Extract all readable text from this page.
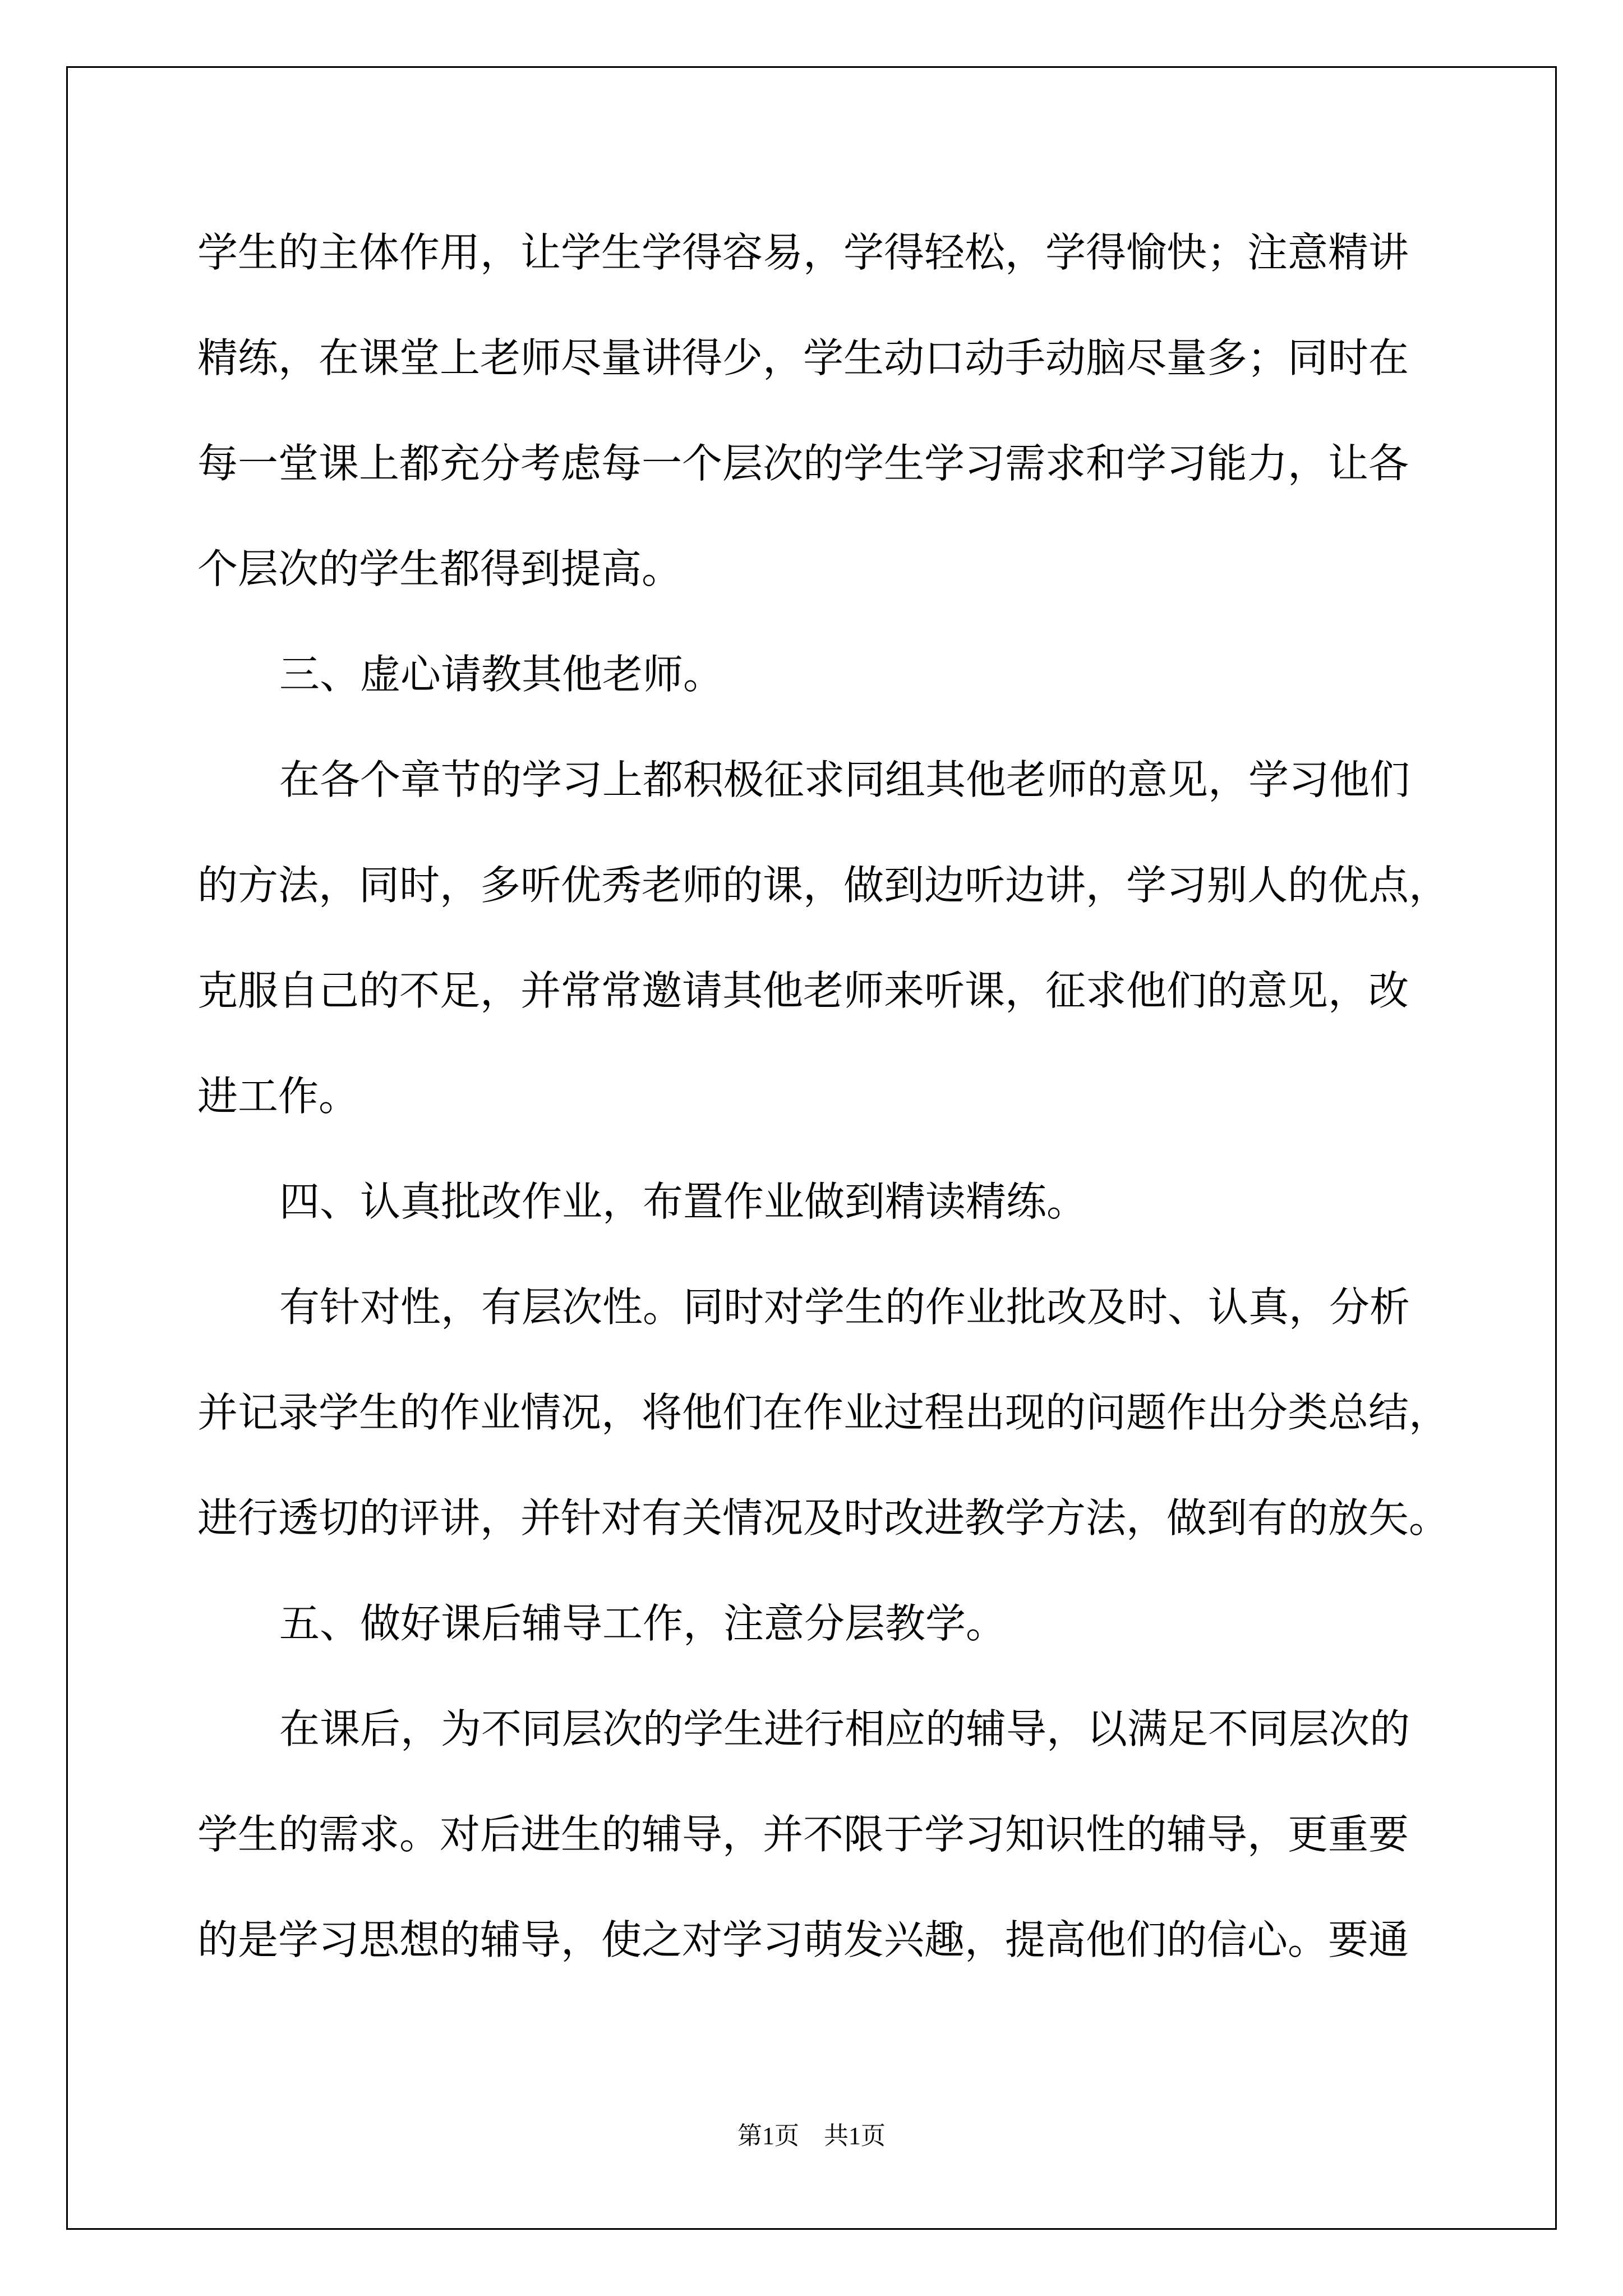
学生的主体作用，让学生学得容易，学得轻松，学得愉快；注意精讲
精练，在课堂上老师尽量讲得少，学生动口动手动脑尽量多；同时在
每一堂课上都充分考虑每一个层次的学生学习需求和学习能力，让各
个层次的学生都得到提高。
三、虚心请教其他老师。
在各个章节的学习上都积极征求同组其他老师的意见，学习他们
的方法，同时，多听优秀老师的课，做到边听边讲，学习别人的优点，
克服自己的不足，并常常邀请其他老师来听课，征求他们的意见，改
进工作。
四、认真批改作业，布置作业做到精读精练。
有针对性，有层次性。同时对学生的作业批改及时、认真，分析
并记录学生的作业情况，将他们在作业过程出现的问题作出分类总结，
进行透切的评讲，并针对有关情况及时改进教学方法，做到有的放矢。
五、做好课后辅导工作，注意分层教学。
在课后，为不同层次的学生进行相应的辅导，以满足不同层次的
学生的需求。对后进生的辅导，并不限于学习知识性的辅导，更重要
的是学习思想的辅导，使之对学习萌发兴趣，提高他们的信心。要通
第1页　共1页
